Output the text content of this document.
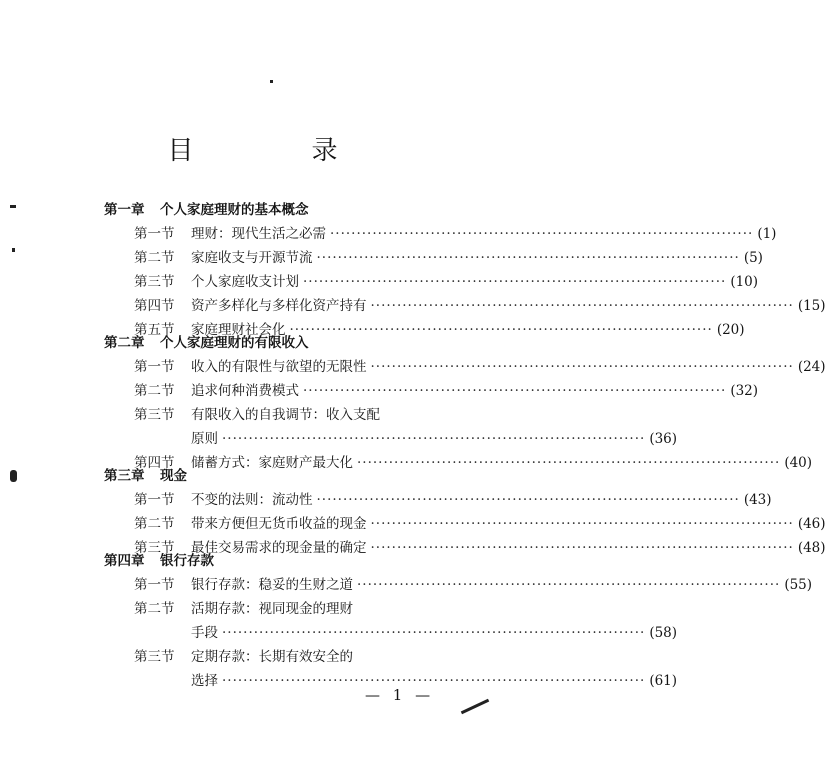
目　录
第一章 个人家庭理财的基本概念
第一节	理财：现代生活之必需 ················································································ (1)
第二节	家庭收支与开源节流 ················································································ (5)
第三节	个人家庭收支计划 ················································································ (10)
第四节	资产多样化与多样化资产持有 ················································································ (15)
第五节	家庭理财社会化 ················································································ (20)
第二章 个人家庭理财的有限收入
第一节	收入的有限性与欲望的无限性 ················································································ (24)
第二节	追求何种消费模式 ················································································ (32)
第三节	有限收入的自我调节：收入支配
原则 ················································································ (36)
第四节	储蓄方式：家庭财产最大化 ················································································ (40)
第三章 现金
第一节	不变的法则：流动性 ················································································ (43)
第二节	带来方便但无货币收益的现金 ················································································ (46)
第三节	最佳交易需求的现金量的确定 ················································································ (48)
第四章 银行存款
第一节	银行存款：稳妥的生财之道 ················································································ (55)
第二节	活期存款：视同现金的理财
手段 ················································································ (58)
第三节	定期存款：长期有效安全的
选择 ················································································ (61)
— 1 —
